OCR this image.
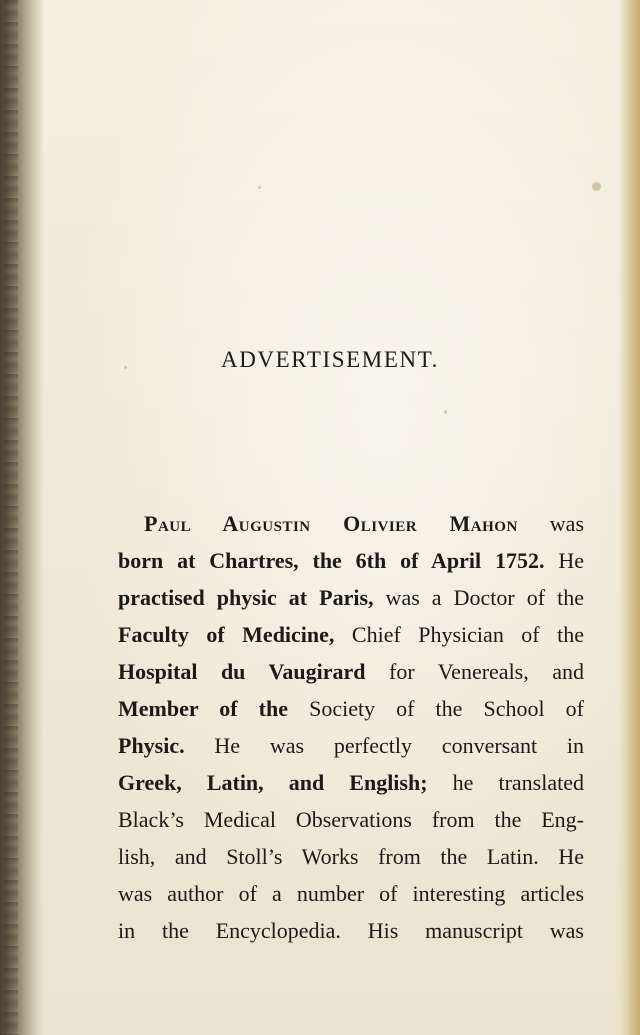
ADVERTISEMENT.
Paul Augustin Olivier Mahon was
born at Chartres, the 6th of April 1752. He
practised physic at Paris, was a Doctor of the
Faculty of Medicine, Chief Physician of the
Hospital du Vaugirard for Venereals, and
Member of the Society of the School of
Physic. He was perfectly conversant in
Greek, Latin, and English; he translated
Black’s Medical Observations from the Eng-
lish, and Stoll’s Works from the Latin. He
was author of a number of interesting articles
in the Encyclopedia. His manuscript was
